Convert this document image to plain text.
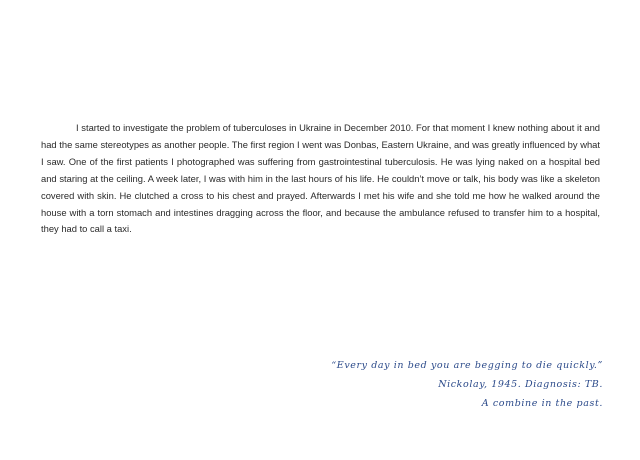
I started to investigate the problem of tuberculoses in Ukraine in December 2010. For that moment I knew nothing about it and had the same stereotypes as another people. The first region I went was Donbas, Eastern Ukraine, and was greatly influenced by what I saw. One of the first patients I photographed was suffering from gastrointestinal tuberculosis. He was lying naked on a hospital bed and staring at the ceiling. A week later, I was with him in the last hours of his life. He couldn’t move or talk, his body was like a skeleton covered with skin. He clutched a cross to his chest and prayed. Afterwards I met his wife and she told me how he walked around the house with a torn stomach and intestines dragging across the floor, and because the ambulance refused to transfer him to a hospital, they had to call a taxi.

“Every day in bed you are begging to die quickly.”
Nickolay, 1945. Diagnosis: TB.
A combine in the past.
